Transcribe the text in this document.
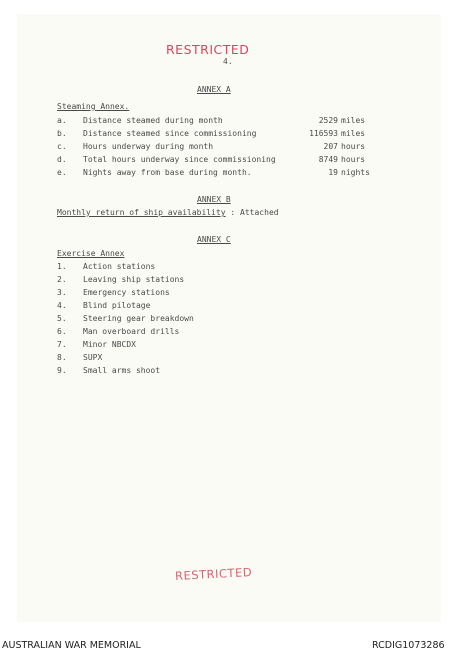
RESTRICTED
4.
ANNEX A
Steaming Annex.
a. Distance steamed during month	2529 miles
b. Distance steamed since commissioning	116593 miles
c. Hours underway during month	207 hours
d. Total hours underway since commissioning	8749 hours
e. Nights away from base during month.	19 nights
ANNEX B
Monthly return of ship availability : Attached
ANNEX C
Exercise Annex
1. Action stations
2. Leaving ship stations
3. Emergency stations
4. Blind pilotage
5. Steering gear breakdown
6. Man overboard drills
7. Minor NBCDX
8. SUPX
9. Small arms shoot
RESTRICTED
AUSTRALIAN WAR MEMORIAL	RCDIG1073286
